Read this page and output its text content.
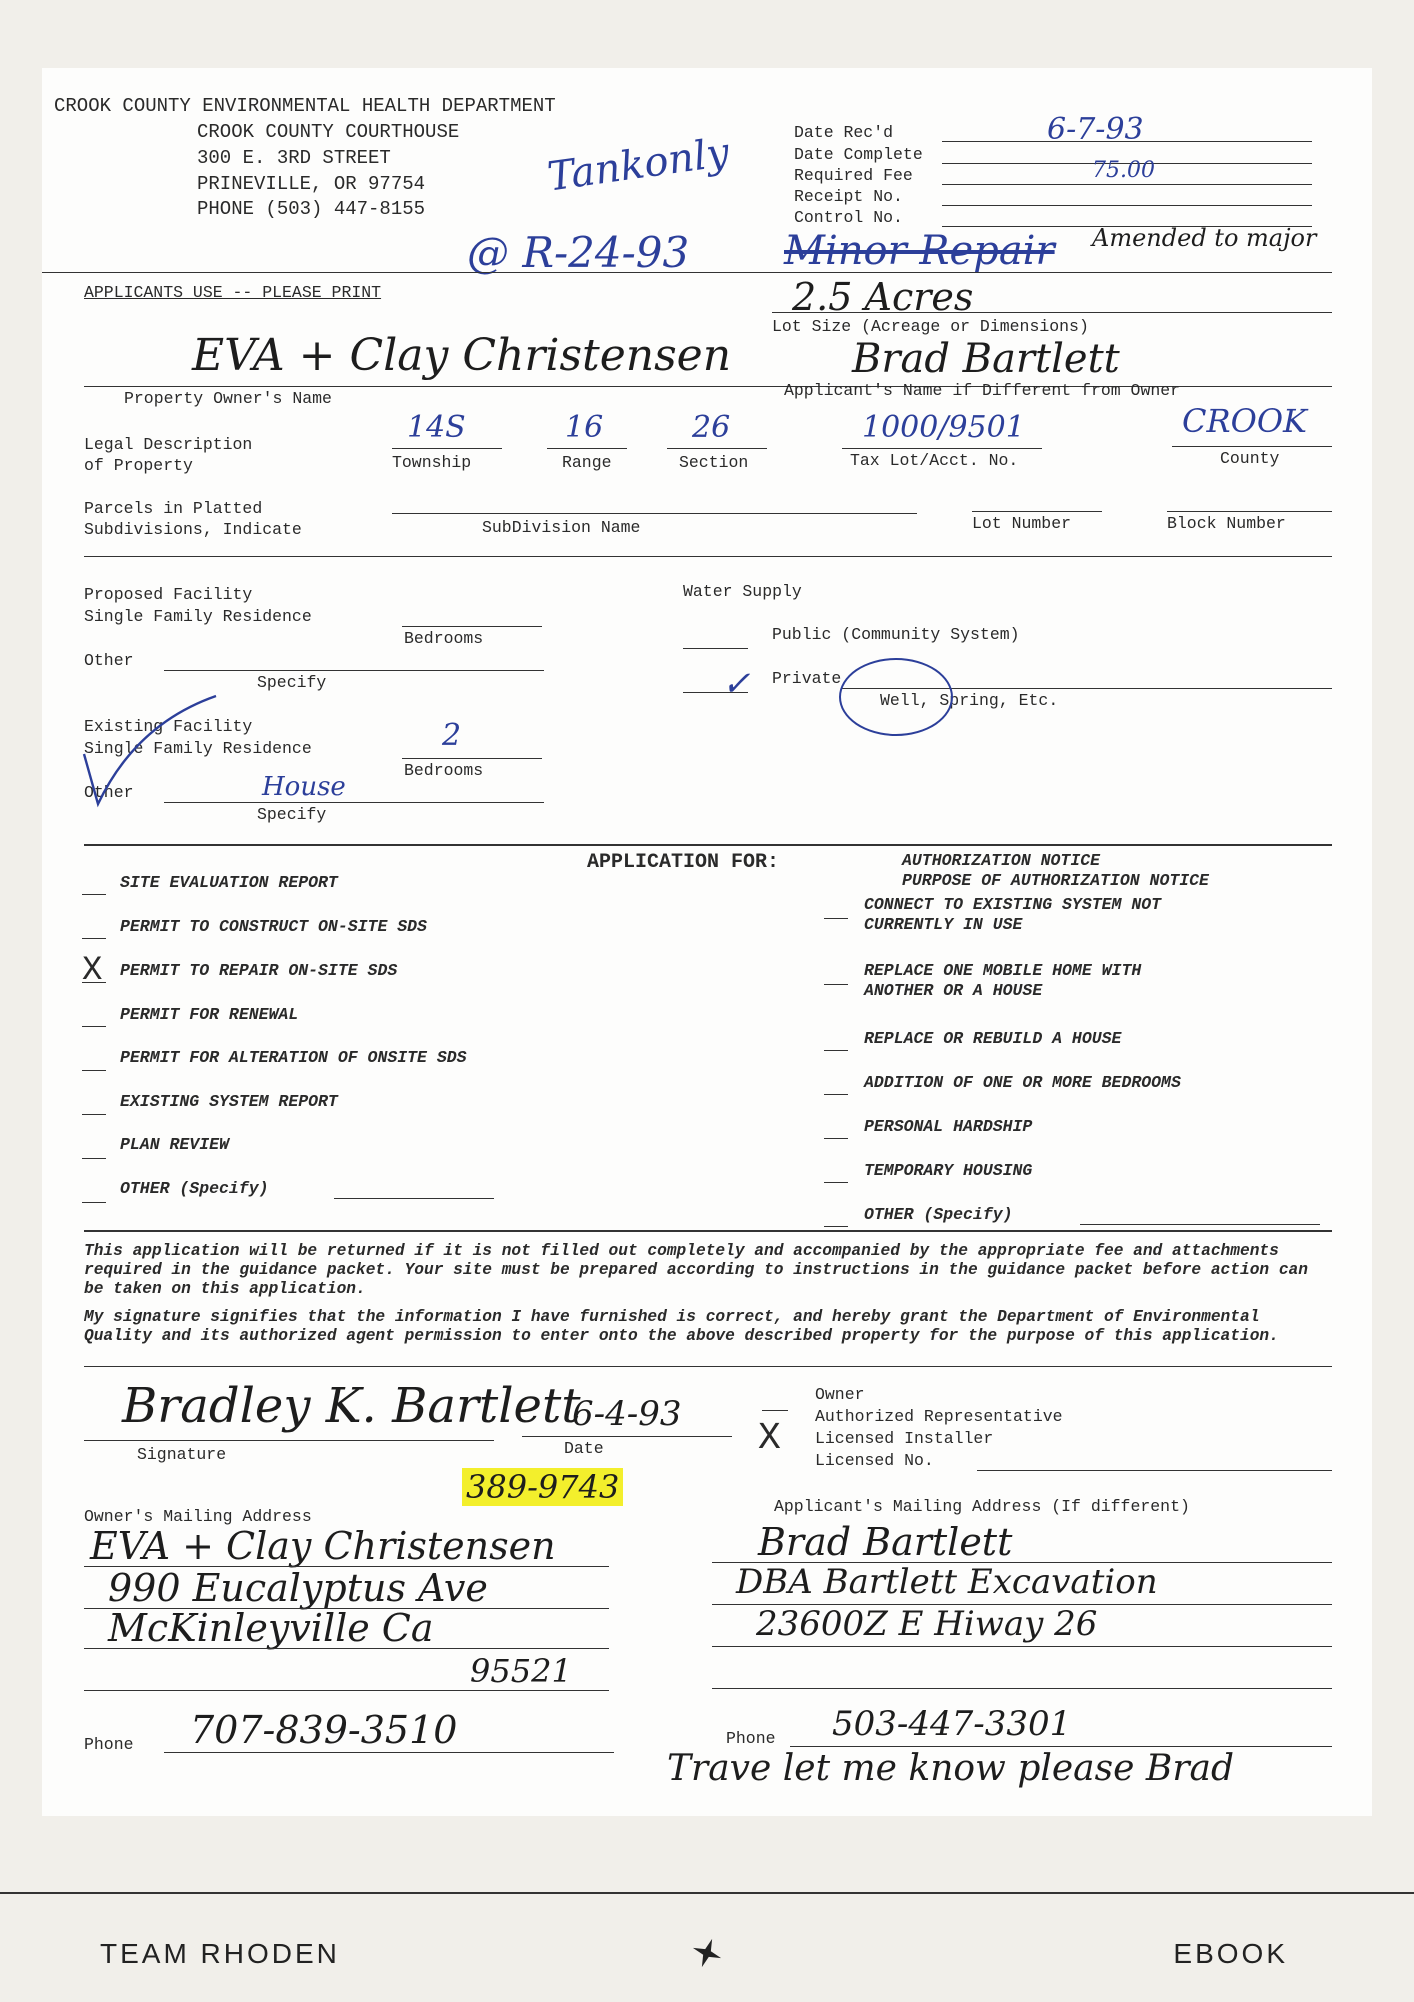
CROOK COUNTY ENVIRONMENTAL HEALTH DEPARTMENT
CROOK COUNTY COURTHOUSE
300 E. 3RD STREET
PRINEVILLE, OR 97754
PHONE (503) 447-8155
Tankonly	Date Rec'd	6-7-93
Date Complete
Required Fee	75.00
Receipt No.
Control No.
@ R-24-93 Minor Repair Amended to major
APPLICANTS USE -- PLEASE PRINT	2.5 Acres
Lot Size (Acreage or Dimensions)
EVA + Clay Christensen	Brad Bartlett
Property Owner's Name	Applicant's Name if Different from Owner
Legal Description
of Property
14S
Township
16
Range
26
Section
1000/9501
Tax Lot/Acct. No.
CROOK
County
Parcels in Platted
Subdivisions, Indicate	SubDivision Name	Lot Number	Block Number
Proposed Facility
Single Family Residence
Bedrooms
Other
Specify
Water Supply
Public (Community System)
✓ Private
Well, Spring, Etc.
Existing Facility
Single Family Residence	2
Bedrooms
Other	House
Specify
APPLICATION FOR:	AUTHORIZATION NOTICE
PURPOSE OF AUTHORIZATION NOTICE
SITE EVALUATION REPORT
PERMIT TO CONSTRUCT ON-SITE SDS
X PERMIT TO REPAIR ON-SITE SDS
PERMIT FOR RENEWAL
PERMIT FOR ALTERATION OF ONSITE SDS
EXISTING SYSTEM REPORT
PLAN REVIEW
OTHER (Specify)
CONNECT TO EXISTING SYSTEM NOT
CURRENTLY IN USE
REPLACE ONE MOBILE HOME WITH
ANOTHER OR A HOUSE
REPLACE OR REBUILD A HOUSE
ADDITION OF ONE OR MORE BEDROOMS
PERSONAL HARDSHIP
TEMPORARY HOUSING
OTHER (Specify)
This application will be returned if it is not filled out completely and accompanied by the appropriate fee and attachments required in the guidance packet. Your site must be prepared according to instructions in the guidance packet before action can be taken on this application.
My signature signifies that the information I have furnished is correct, and hereby grant the Department of Environmental Quality and its authorized agent permission to enter onto the above described property for the purpose of this application.
Bradley K. Bartlett
Signature
6-4-93
Date
389-9743
Owner
Authorized Representative
X Licensed Installer
Licensed No.
Owner's Mailing Address
EVA + Clay Christensen
990 Eucalyptus Ave
McKinleyville Ca
95521
Phone 707-839-3510
Applicant's Mailing Address (If different)
Brad Bartlett
DBA Bartlett Excavation
23600Z E Hiway 26
Phone 503-447-3301
Trave let me know please Brad
TEAM RHODEN	EBOOK
